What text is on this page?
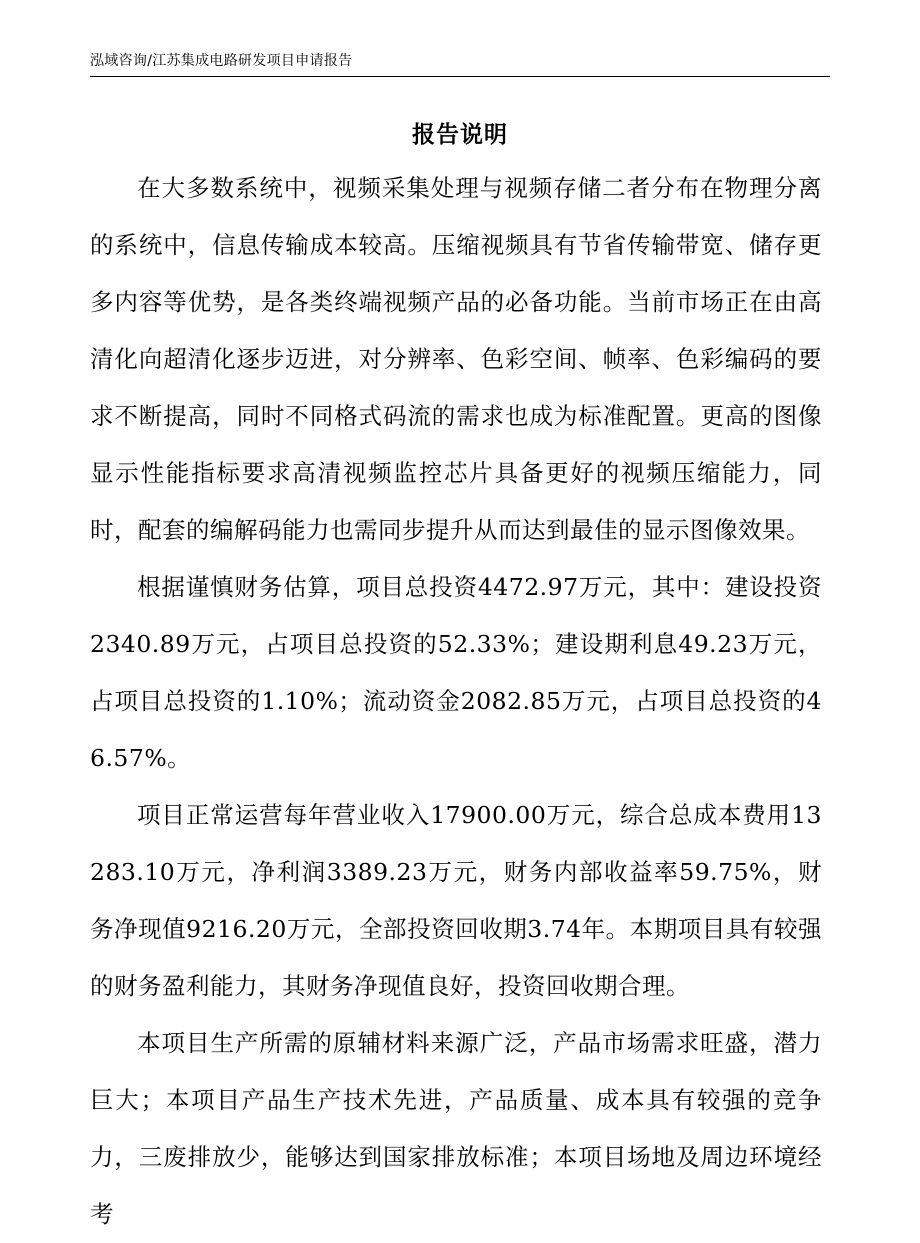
泓域咨询/江苏集成电路研发项目申请报告
报告说明

在大多数系统中，视频采集处理与视频存储二者分布在物理分离的系统中，信息传输成本较高。压缩视频具有节省传输带宽、储存更多内容等优势，是各类终端视频产品的必备功能。当前市场正在由高清化向超清化逐步迈进，对分辨率、色彩空间、帧率、色彩编码的要求不断提高，同时不同格式码流的需求也成为标准配置。更高的图像显示性能指标要求高清视频监控芯片具备更好的视频压缩能力，同时，配套的编解码能力也需同步提升从而达到最佳的显示图像效果。

根据谨慎财务估算，项目总投资4472.97万元，其中：建设投资2340.89万元，占项目总投资的52.33%；建设期利息49.23万元，占项目总投资的1.10%；流动资金2082.85万元，占项目总投资的46.57%。

项目正常运营每年营业收入17900.00万元，综合总成本费用13283.10万元，净利润3389.23万元，财务内部收益率59.75%，财务净现值9216.20万元，全部投资回收期3.74年。本期项目具有较强的财务盈利能力，其财务净现值良好，投资回收期合理。

本项目生产所需的原辅材料来源广泛，产品市场需求旺盛，潜力巨大；本项目产品生产技术先进，产品质量、成本具有较强的竞争力，三废排放少，能够达到国家排放标准；本项目场地及周边环境经考
